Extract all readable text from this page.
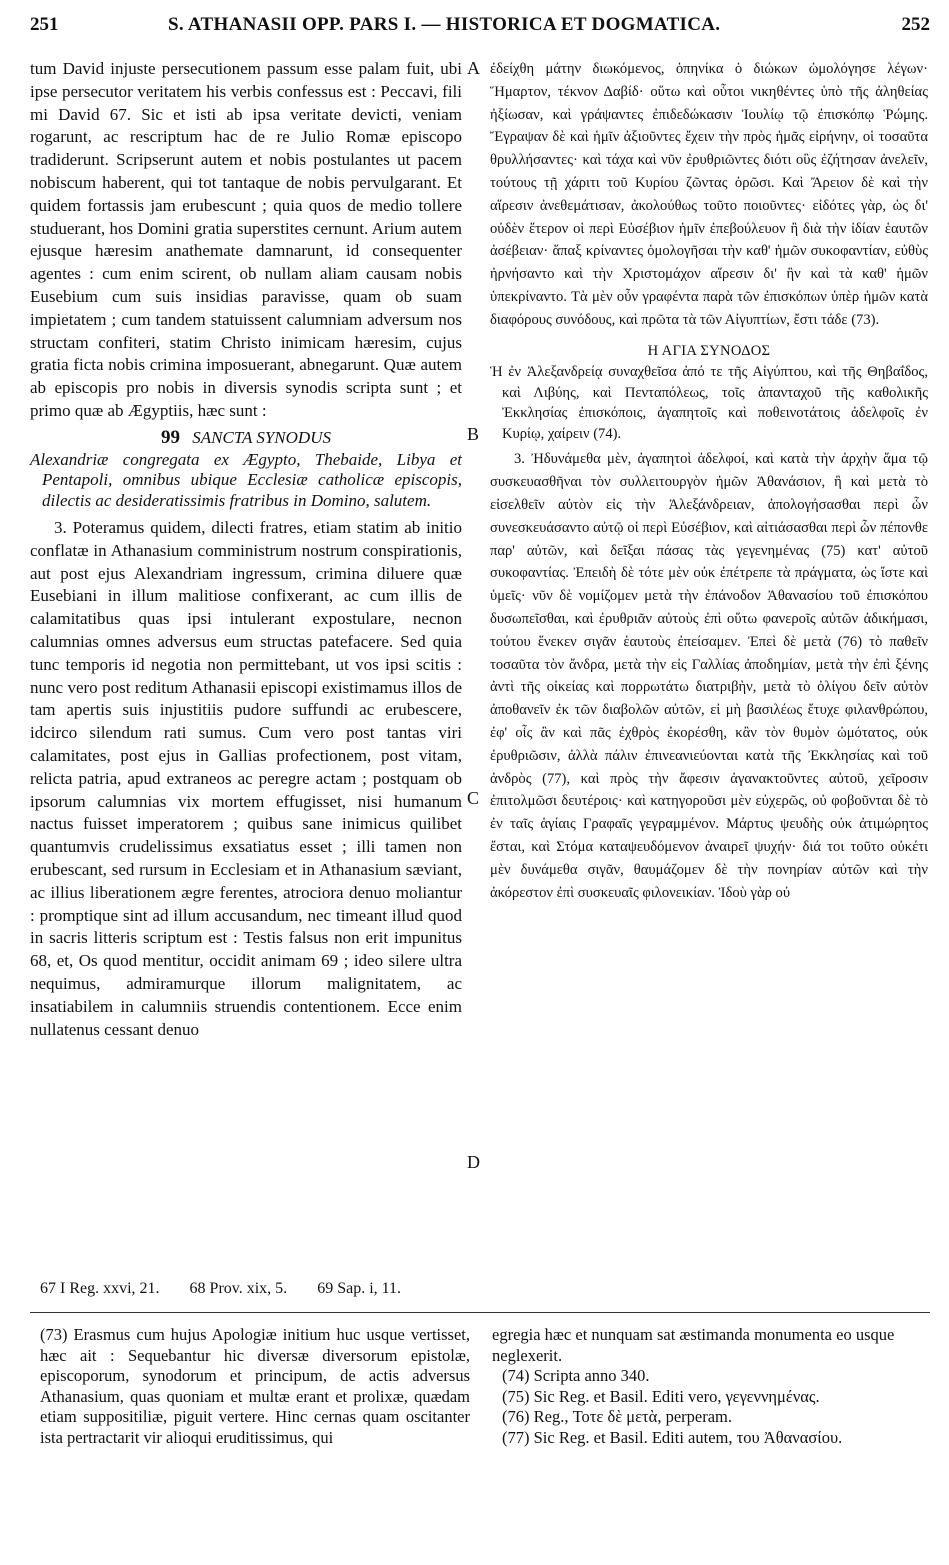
251	S. ATHANASII OPP. PARS I. — HISTORICA ET DOGMATICA.	252
A
B
C
D

tum David injuste persecutionem passum esse palam fuit, ubi ipse persecutor veritatem his verbis confessus est : Peccavi, fili mi David 67. Sic et isti ab ipsa veritate devicti, veniam rogarunt, ac rescriptum hac de re Julio Romæ episcopo tradiderunt. Scripserunt autem et nobis postulantes ut pacem nobiscum haberent, qui tot tantaque de nobis pervulgarant. Et quidem fortassis jam erubescunt ; quia quos de medio tollere studuerant, hos Domini gratia superstites cernunt. Arium autem ejusque hæresim anathemate damnarunt, id consequenter agentes : cum enim scirent, ob nullam aliam causam nobis Eusebium cum suis insidias paravisse, quam ob suam impietatem ; cum tandem statuissent calumniam adversum nos structam confiteri, statim Christo inimicam hæresim, cujus gratia ficta nobis crimina imposuerant, abnegarunt. Quæ autem ab episcopis pro nobis in diversis synodis scripta sunt ; et primo quæ ab Ægyptiis, hæc sunt :

99 SANCTA SYNODUS

Alexandriæ congregata ex Ægypto, Thebaide, Libya et Pentapoli, omnibus ubique Ecclesiæ catholicæ episcopis, dilectis ac desideratissimis fratribus in Domino, salutem.

3. Poteramus quidem, dilecti fratres, etiam statim ab initio conflatæ in Athanasium comministrum nostrum conspirationis, aut post ejus Alexandriam ingressum, crimina diluere quæ Eusebiani in illum malitiose confixerant, ac cum illis de calamitatibus quas ipsi intulerant expostulare, necnon calumnias omnes adversus eum structas patefacere. Sed quia tunc temporis id negotia non permittebant, ut vos ipsi scitis : nunc vero post reditum Athanasii episcopi existimamus illos de tam apertis suis injustitiis pudore suffundi ac erubescere, idcirco silendum rati sumus. Cum vero post tantas viri calamitates, post ejus in Gallias profectionem, post vitam, relicta patria, apud extraneos ac peregre actam ; postquam ob ipsorum calumnias vix mortem effugisset, nisi humanum nactus fuisset imperatorem ; quibus sane inimicus quilibet quantumvis crudelissimus exsatiatus esset ; illi tamen non erubescant, sed rursum in Ecclesiam et in Athanasium sæviant, ac illius liberationem ægre ferentes, atrociora denuo moliantur : promptique sint ad illum accusandum, nec timeant illud quod in sacris litteris scriptum est : Testis falsus non erit impunitus 68, et, Os quod mentitur, occidit animam 69 ; ideo silere ultra nequimus, admiramurque illorum malignitatem, ac insatiabilem in calumniis struendis contentionem. Ecce enim nullatenus cessant denuo

ἐδείχθη μάτην διωκόμενος, ὁπηνίκα ὁ διώκων ὡμολόγησε λέγων· Ἥμαρτον, τέκνον Δαβίδ· οὕτω καὶ οὗτοι νικηθέντες ὑπὸ τῆς ἀληθείας ἠξίωσαν, καὶ γράψαντες ἐπιδεδώκασιν Ἰουλίῳ τῷ ἐπισκόπῳ Ῥώμης. Ἔγραψαν δὲ καὶ ἡμῖν ἀξιοῦντες ἔχειν τὴν πρὸς ἡμᾶς εἰρήνην, οἱ τοσαῦτα θρυλλήσαντες· καὶ τάχα καὶ νῦν ἐρυθριῶντες διότι οὓς ἐζήτησαν ἀνελεῖν, τούτους τῇ χάριτι τοῦ Κυρίου ζῶντας ὁρῶσι. Καὶ Ἄρειον δὲ καὶ τὴν αἵρεσιν ἀνεθεμάτισαν, ἀκολούθως τοῦτο ποιοῦντες· εἰδότες γὰρ, ὡς δι' οὐδὲν ἕτερον οἱ περὶ Εὐσέβιον ἡμῖν ἐπεβούλευον ἢ διὰ τὴν ἰδίαν ἑαυτῶν ἀσέβειαν· ἅπαξ κρίναντες ὁμολογῆσαι τὴν καθ' ἡμῶν συκοφαντίαν, εὐθὺς ἠρνήσαντο καὶ τὴν Χριστομάχον αἵρεσιν δι' ἣν καὶ τὰ καθ' ἡμῶν ὑπεκρίναντο. Τὰ μὲν οὖν γραφέντα παρὰ τῶν ἐπισκόπων ὑπὲρ ἡμῶν κατὰ διαφόρους συνόδους, καὶ πρῶτα τὰ τῶν Αἰγυπτίων, ἔστι τάδε (73).

Η ΑΓΙΑ ΣΥΝΟΔΟΣ

Ἡ ἐν Ἀλεξανδρείᾳ συναχθεῖσα ἀπό τε τῆς Αἰγύπτου, καὶ τῆς Θηβαΐδος, καὶ Λιβύης, καὶ Πενταπόλεως, τοῖς ἁπανταχοῦ τῆς καθολικῆς Ἐκκλησίας ἐπισκόποις, ἀγαπητοῖς καὶ ποθεινοτάτοις ἀδελφοῖς ἐν Κυρίῳ, χαίρειν (74).

3. Ἠδυνάμεθα μὲν, ἀγαπητοὶ ἀδελφοί, καὶ κατὰ τὴν ἀρχὴν ἅμα τῷ συσκευασθῆναι τὸν συλλειτουργὸν ἡμῶν Ἀθανάσιον, ἢ καὶ μετὰ τὸ εἰσελθεῖν αὐτὸν εἰς τὴν Ἀλεξάνδρειαν, ἀπολογήσασθαι περὶ ὧν συνεσκευάσαντο αὐτῷ οἱ περὶ Εὐσέβιον, καὶ αἰτιάσασθαι περὶ ὧν πέπονθε παρ' αὐτῶν, καὶ δεῖξαι πάσας τὰς γεγενημένας (75) κατ' αὐτοῦ συκοφαντίας. Ἐπειδὴ δὲ τότε μὲν οὐκ ἐπέτρεπε τὰ πράγματα, ὡς ἴστε καὶ ὑμεῖς· νῦν δὲ νομίζομεν μετὰ τὴν ἐπάνοδον Ἀθανασίου τοῦ ἐπισκόπου δυσωπεῖσθαι, καὶ ἐρυθριᾶν αὐτοὺς ἐπὶ οὕτω φανεροῖς αὐτῶν ἀδικήμασι, τούτου ἕνεκεν σιγᾶν ἑαυτοὺς ἐπείσαμεν. Ἐπεὶ δὲ μετὰ (76) τὸ παθεῖν τοσαῦτα τὸν ἄνδρα, μετὰ τὴν εἰς Γαλλίας ἀποδημίαν, μετὰ τὴν ἐπὶ ξένης ἀντὶ τῆς οἰκείας καὶ πορρωτάτω διατριβὴν, μετὰ τὸ ὀλίγου δεῖν αὐτὸν ἀποθανεῖν ἐκ τῶν διαβολῶν αὐτῶν, εἰ μὴ βασιλέως ἔτυχε φιλανθρώπου, ἐφ' οἷς ἂν καὶ πᾶς ἐχθρὸς ἐκορέσθη, κἂν τὸν θυμὸν ὠμότατος, οὐκ ἐρυθριῶσιν, ἀλλὰ πάλιν ἐπινεανιεύονται κατὰ τῆς Ἐκκλησίας καὶ τοῦ ἀνδρὸς (77), καὶ πρὸς τὴν ἄφεσιν ἀγανακτοῦντες αὐτοῦ, χεῖροσιν ἐπιτολμῶσι δευτέροις· καὶ κατηγοροῦσι μὲν εὐχερῶς, οὐ φοβοῦνται δὲ τὸ ἐν ταῖς ἁγίαις Γραφαῖς γεγραμμένον. Μάρτυς ψευδὴς οὐκ ἀτιμώρητος ἔσται, καὶ Στόμα καταψευδόμενον ἀναιρεῖ ψυχήν· διά τοι τοῦτο οὐκέτι μὲν δυνάμεθα σιγᾶν, θαυμάζομεν δὲ τὴν πονηρίαν αὐτῶν καὶ τὴν ἀκόρεστον ἐπὶ συσκευαῖς φιλονεικίαν. Ἰδοὺ γὰρ οὐ

67 I Reg. xxvi, 21. 68 Prov. xix, 5. 69 Sap. i, 11.

(73) Erasmus cum hujus Apologiæ initium huc usque vertisset, hæc ait : Sequebantur hic diversæ diversorum epistolæ, episcoporum, synodorum et principum, de actis adversus Athanasium, quas quoniam et multæ erant et prolixæ, quædam etiam suppositiliæ, piguit vertere. Hinc cernas quam oscitanter ista pertractarit vir alioqui eruditissimus, qui

egregia hæc et nunquam sat æstimanda monumenta eo usque neglexerit.

(74) Scripta anno 340.

(75) Sic Reg. et Basil. Editi vero, γεγεννημένας.

(76) Reg., Τοτε δὲ μετὰ, perperam.

(77) Sic Reg. et Basil. Editi autem, του Ἀθανασίου.
